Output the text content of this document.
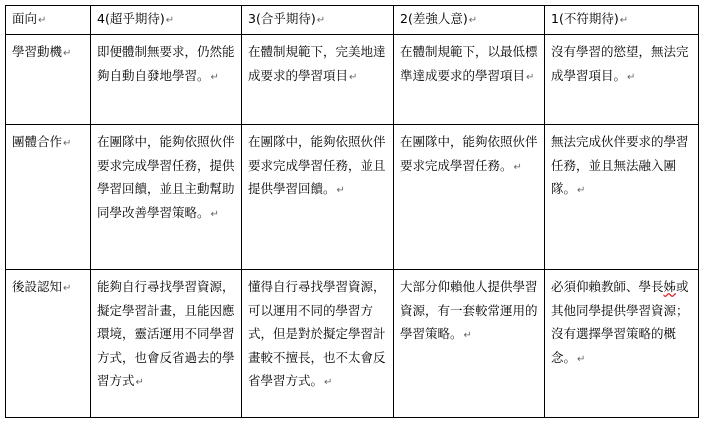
面向↵	4(超乎期待)↵	3(合乎期待)↵	2(差強人意)↵	1(不符期待)↵
學習動機↵	即便體制無要求，仍然能夠自動自發地學習。↵	在體制規範下，完美地達成要求的學習項目↵	在體制規範下，以最低標準達成要求的學習項目↵	沒有學習的慾望，無法完成學習項目。↵
團體合作↵	在團隊中，能夠依照伙伴要求完成學習任務，提供學習回饋，並且主動幫助同學改善學習策略。↵	在團隊中，能夠依照伙伴要求完成學習任務，並且提供學習回饋。↵	在團隊中，能夠依照伙伴要求完成學習任務。↵	無法完成伙伴要求的學習任務，並且無法融入團隊。↵
後設認知↵	能夠自行尋找學習資源，擬定學習計畫，且能因應環境，靈活運用不同學習方式，也會反省過去的學習方式↵	懂得自行尋找學習資源，可以運用不同的學習方式，但是對於擬定學習計畫較不擅長，也不太會反省學習方式。↵	大部分仰賴他人提供學習資源，有一套較常運用的學習策略。↵	必須仰賴教師、學長姊或其他同學提供學習資源；沒有選擇學習策略的概念。↵
